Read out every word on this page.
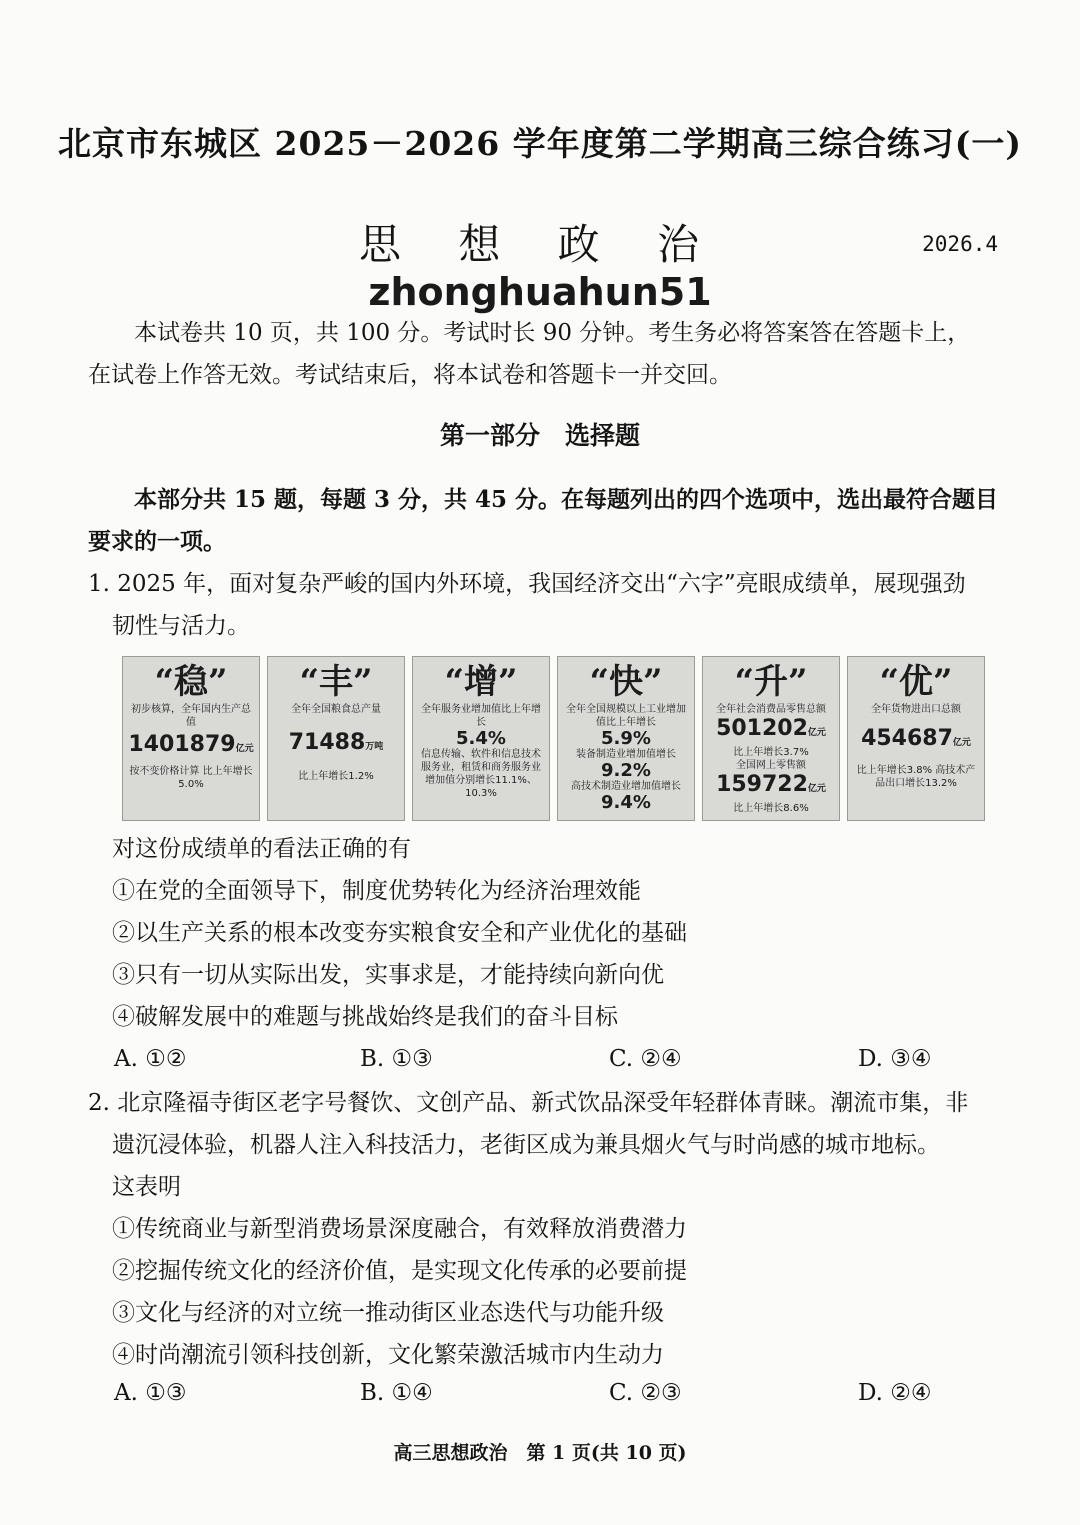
北京市东城区 2025－2026 学年度第二学期高三综合练习(一)
思 想 政 治	2026.4
zhonghuahun51
本试卷共 10 页，共 100 分。考试时长 90 分钟。考生务必将答案答在答题卡上，
在试卷上作答无效。考试结束后，将本试卷和答题卡一并交回。
第一部分　选择题
本部分共 15 题，每题 3 分，共 45 分。在每题列出的四个选项中，选出最符合题目
要求的一项。
1. 2025 年，面对复杂严峻的国内外环境，我国经济交出“六字”亮眼成绩单，展现强劲
韧性与活力。
“稳”
初步核算，全年国内生产总值
1401879亿元
按不变价格计算 比上年增长5.0%
“丰”
全年全国粮食总产量
71488万吨
比上年增长1.2%
“增”
全年服务业增加值比上年增长
5.4%
信息传输、软件和信息技术服务业，租赁和商务服务业增加值分别增长11.1%、10.3%
“快”
全年全国规模以上工业增加值比上年增长
5.9%
装备制造业增加值增长
9.2%
高技术制造业增加值增长
9.4%
“升”
全年社会消费品零售总额
501202亿元
比上年增长3.7%
全国网上零售额
159722亿元
比上年增长8.6%
“优”
全年货物进出口总额
454687亿元
比上年增长3.8% 高技术产品出口增长13.2%
对这份成绩单的看法正确的有
①在党的全面领导下，制度优势转化为经济治理效能
②以生产关系的根本改变夯实粮食安全和产业优化的基础
③只有一切从实际出发，实事求是，才能持续向新向优
④破解发展中的难题与挑战始终是我们的奋斗目标
A. ①②	B. ①③	C. ②④	D. ③④
2. 北京隆福寺街区老字号餐饮、文创产品、新式饮品深受年轻群体青睐。潮流市集，非
遗沉浸体验，机器人注入科技活力，老街区成为兼具烟火气与时尚感的城市地标。
这表明
①传统商业与新型消费场景深度融合，有效释放消费潜力
②挖掘传统文化的经济价值，是实现文化传承的必要前提
③文化与经济的对立统一推动街区业态迭代与功能升级
④时尚潮流引领科技创新，文化繁荣激活城市内生动力
A. ①③	B. ①④	C. ②③	D. ②④
高三思想政治　第 1 页(共 10 页)
